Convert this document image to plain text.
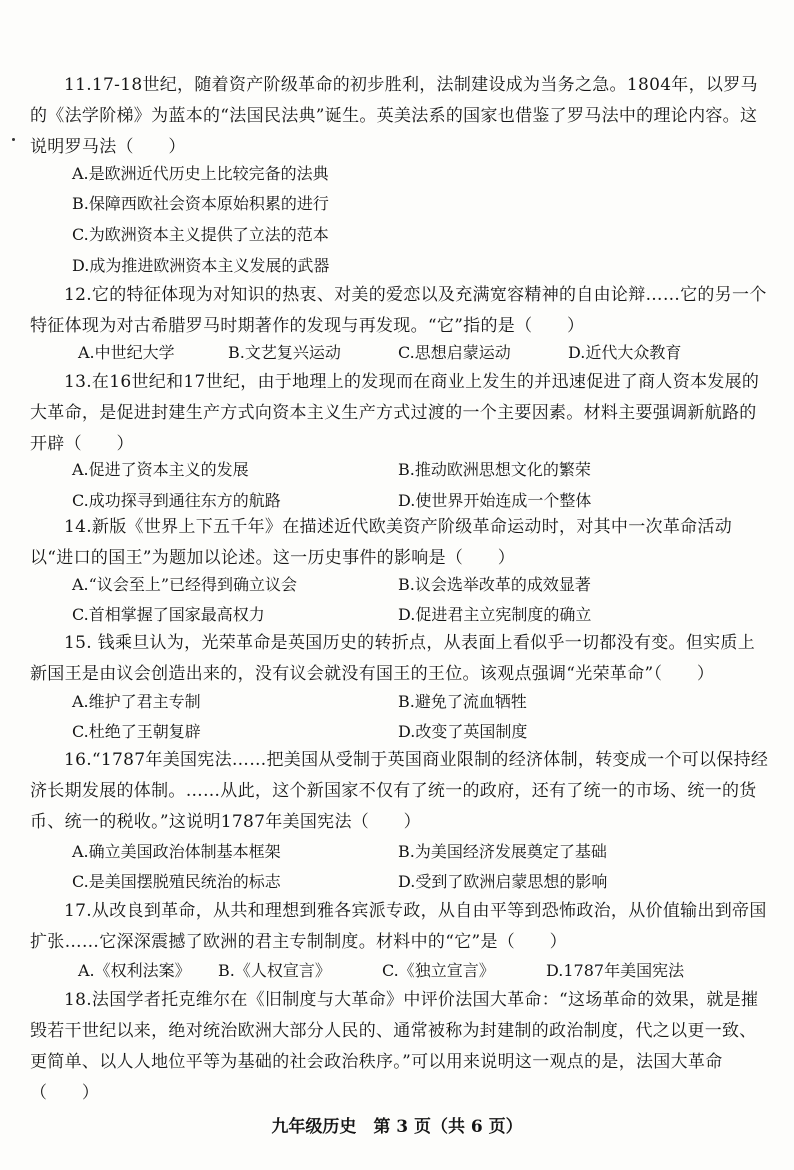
11.17-18世纪，随着资产阶级革命的初步胜利，法制建设成为当务之急。1804年，以罗马的《法学阶梯》为蓝本的“法国民法典”诞生。英美法系的国家也借鉴了罗马法中的理论内容。这说明罗马法（　　）

A.是欧洲近代历史上比较完备的法典
B.保障西欧社会资本原始积累的进行
C.为欧洲资本主义提供了立法的范本
D.成为推进欧洲资本主义发展的武器

12.它的特征体现为对知识的热衷、对美的爱恋以及充满宽容精神的自由论辩……它的另一个特征体现为对古希腊罗马时期著作的发现与再发现。“它”指的是（　　）

A.中世纪大学	B.文艺复兴运动	C.思想启蒙运动	D.近代大众教育

13.在16世纪和17世纪，由于地理上的发现而在商业上发生的并迅速促进了商人资本发展的大革命，是促进封建生产方式向资本主义生产方式过渡的一个主要因素。材料主要强调新航路的开辟（　　）

A.促进了资本主义的发展	B.推动欧洲思想文化的繁荣
C.成功探寻到通往东方的航路	D.使世界开始连成一个整体

14.新版《世界上下五千年》在描述近代欧美资产阶级革命运动时，对其中一次革命活动以“进口的国王”为题加以论述。这一历史事件的影响是（　　）

A.“议会至上”已经得到确立议会	B.议会选举改革的成效显著
C.首相掌握了国家最高权力	D.促进君主立宪制度的确立

15. 钱乘旦认为，光荣革命是英国历史的转折点，从表面上看似乎一切都没有变。但实质上新国王是由议会创造出来的，没有议会就没有国王的王位。该观点强调“光荣革命”（　　）

A.维护了君主专制	B.避免了流血牺牲
C.杜绝了王朝复辟	D.改变了英国制度

16.“1787年美国宪法……把美国从受制于英国商业限制的经济体制，转变成一个可以保持经济长期发展的体制。……从此，这个新国家不仅有了统一的政府，还有了统一的市场、统一的货币、统一的税收。”这说明1787年美国宪法（　　）

A.确立美国政治体制基本框架	B.为美国经济发展奠定了基础
C.是美国摆脱殖民统治的标志	D.受到了欧洲启蒙思想的影响

17.从改良到革命，从共和理想到雅各宾派专政，从自由平等到恐怖政治，从价值输出到帝国扩张……它深深震撼了欧洲的君主专制制度。材料中的“它”是（　　）

A.《权利法案》 B.《人权宣言》	C.《独立宣言》	D.1787年美国宪法

18.法国学者托克维尔在《旧制度与大革命》中评价法国大革命：“这场革命的效果，就是摧毁若干世纪以来，绝对统治欧洲大部分人民的、通常被称为封建制的政治制度，代之以更一致、更简单、以人人地位平等为基础的社会政治秩序。”可以用来说明这一观点的是，法国大革命（　　）

九年级历史　第 3 页（共 6 页）
